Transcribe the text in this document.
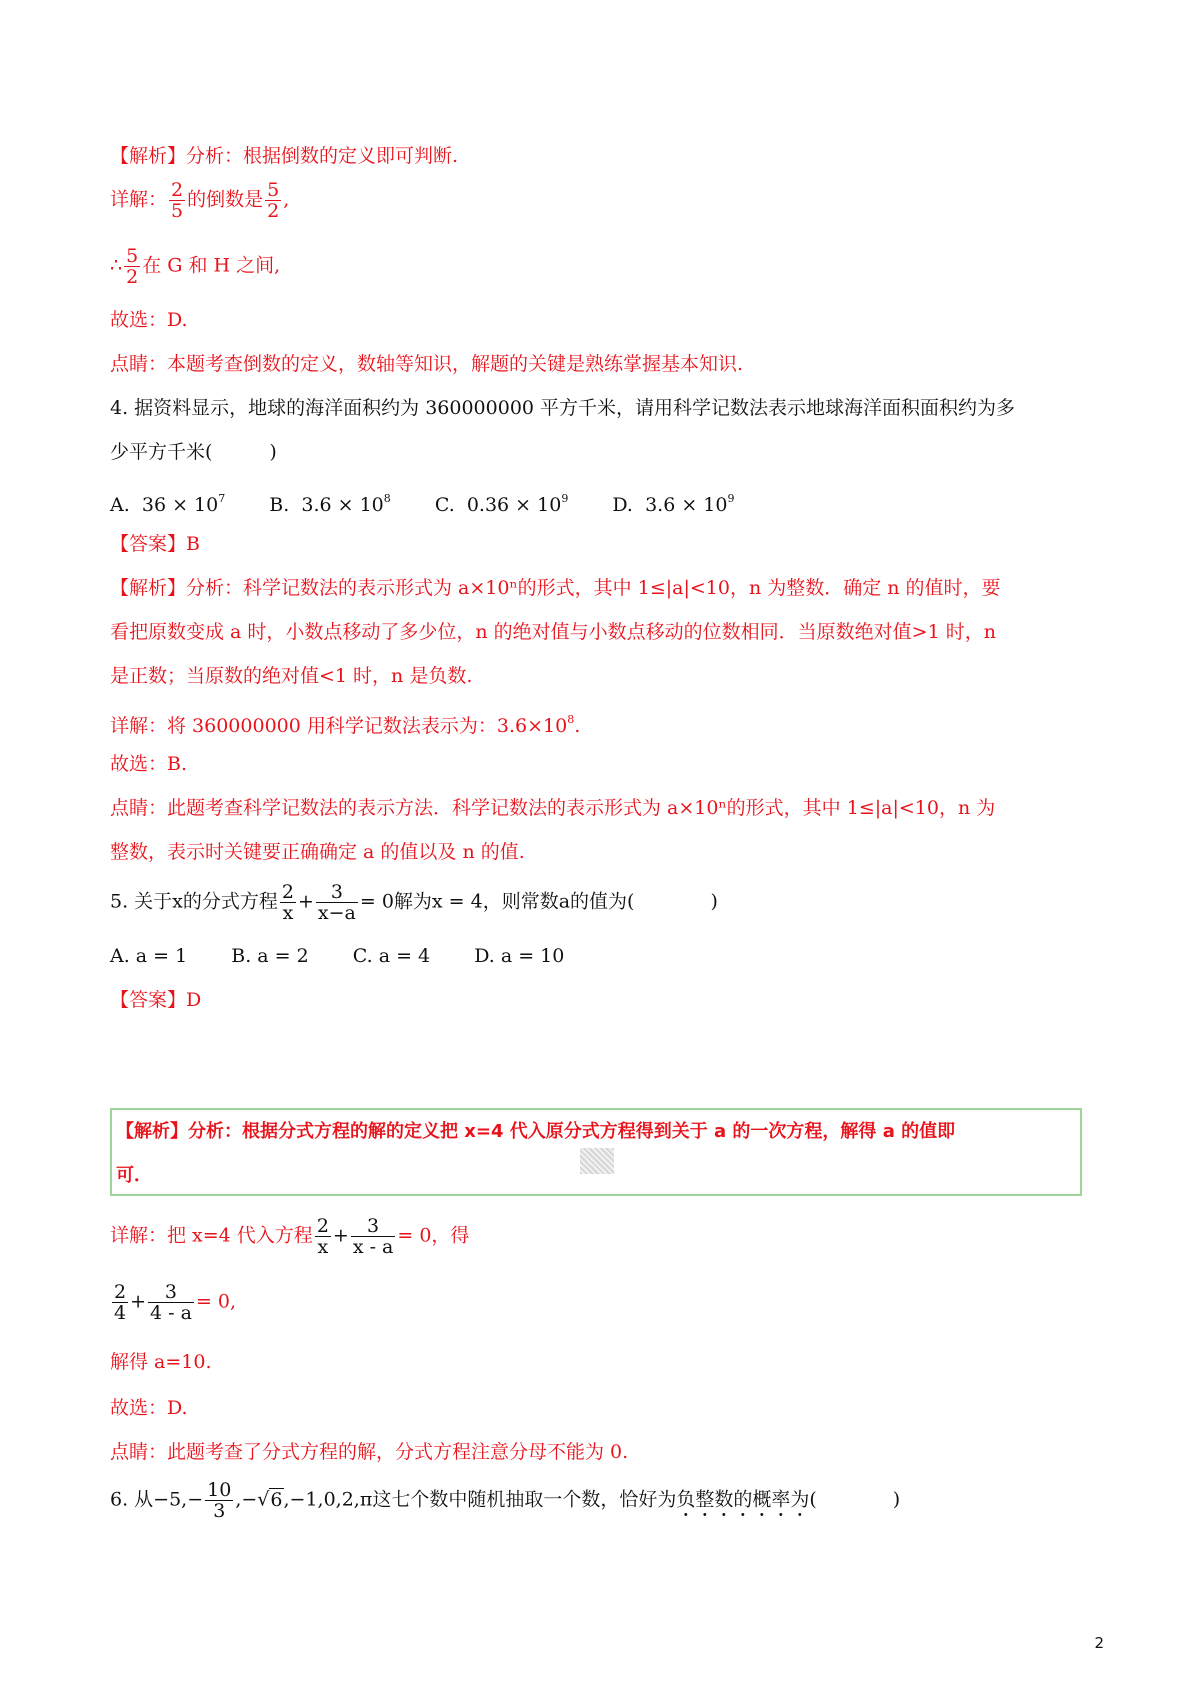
【解析】分析：根据倒数的定义即可判断.
详解： $\frac{2}{5}$ 的倒数是 $\frac{5}{2}$ ,
∴ $\frac{5}{2}$ 在 G 和 H 之间,
故选：D.
点睛：本题考查倒数的定义，数轴等知识，解题的关键是熟练掌握基本知识.
4. 据资料显示，地球的海洋面积约为 360000000 平方千米，请用科学记数法表示地球海洋面积面积约为多
少平方千米(　　　)
A. $36 \times 10^7$ B. $3.6 \times 10^8$ C. $0.36 \times 10^9$ D. $3.6 \times 10^9$
【答案】B
【解析】分析：科学记数法的表示形式为 a×10ⁿ的形式，其中 1≤|a|<10，n 为整数．确定 n 的值时，要
看把原数变成 a 时，小数点移动了多少位，n 的绝对值与小数点移动的位数相同．当原数绝对值>1 时，n
是正数；当原数的绝对值<1 时，n 是负数.
详解：将 360000000 用科学记数法表示为：$3.6\times 10^8$.
故选：B.
点睛：此题考查科学记数法的表示方法．科学记数法的表示形式为 a×10ⁿ的形式，其中 1≤|a|<10，n 为
整数，表示时关键要正确确定 a 的值以及 n 的值.
5. 关于x的分式方程 $\frac{2}{x} + \frac{3}{x-a} = 0$解为x = 4，则常数a的值为(　　　　)
A. a = 1 B. a = 2 C. a = 4 D. a = 10
【答案】D
【解析】分析：根据分式方程的解的定义把 x=4 代入原分式方程得到关于 a 的一次方程，解得 a 的值即
可．
详解：把 x=4 代入方程 $\frac{2}{x} + \frac{3}{x - a} = 0$，得
$\frac{2}{4} + \frac{3}{4 - a} = 0$,
解得 a=10.
故选：D.
点睛：此题考查了分式方程的解，分式方程注意分母不能为 0.
6. 从$-5,- \frac{10}{3} ,-√6,-1,0,2,\pi$这七个数中随机抽取一个数，恰好为负整数的概率为(　　　　)
2
